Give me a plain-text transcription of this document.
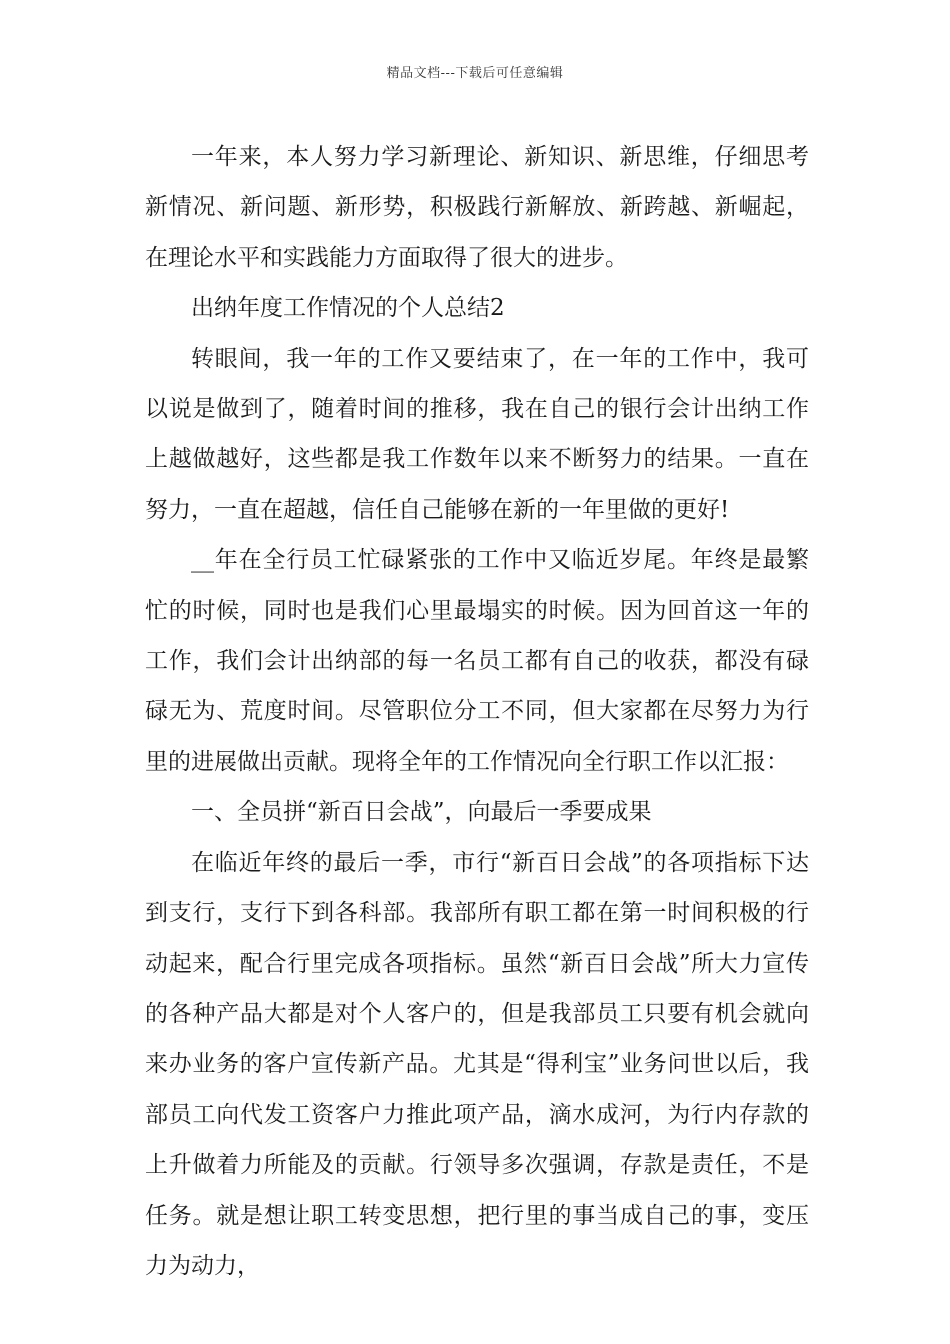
精品文档---下载后可任意编辑

一年来，本人努力学习新理论、新知识、新思维，仔细思考新情况、新问题、新形势，积极践行新解放、新跨越、新崛起，在理论水平和实践能力方面取得了很大的进步。

出纳年度工作情况的个人总结2

转眼间，我一年的工作又要结束了，在一年的工作中，我可以说是做到了，随着时间的推移，我在自己的银行会计出纳工作上越做越好，这些都是我工作数年以来不断努力的结果。一直在努力，一直在超越，信任自己能够在新的一年里做的更好!

__年在全行员工忙碌紧张的工作中又临近岁尾。年终是最繁忙的时候，同时也是我们心里最塌实的时候。因为回首这一年的工作，我们会计出纳部的每一名员工都有自己的收获，都没有碌碌无为、荒度时间。尽管职位分工不同，但大家都在尽努力为行里的进展做出贡献。现将全年的工作情况向全行职工作以汇报：

一、全员拼“新百日会战”，向最后一季要成果

在临近年终的最后一季，市行“新百日会战”的各项指标下达到支行，支行下到各科部。我部所有职工都在第一时间积极的行动起来，配合行里完成各项指标。虽然“新百日会战”所大力宣传的各种产品大都是对个人客户的，但是我部员工只要有机会就向来办业务的客户宣传新产品。尤其是“得利宝”业务问世以后，我部员工向代发工资客户力推此项产品，滴水成河，为行内存款的上升做着力所能及的贡献。行领导多次强调，存款是责任，不是任务。就是想让职工转变思想，把行里的事当成自己的事，变压力为动力，
